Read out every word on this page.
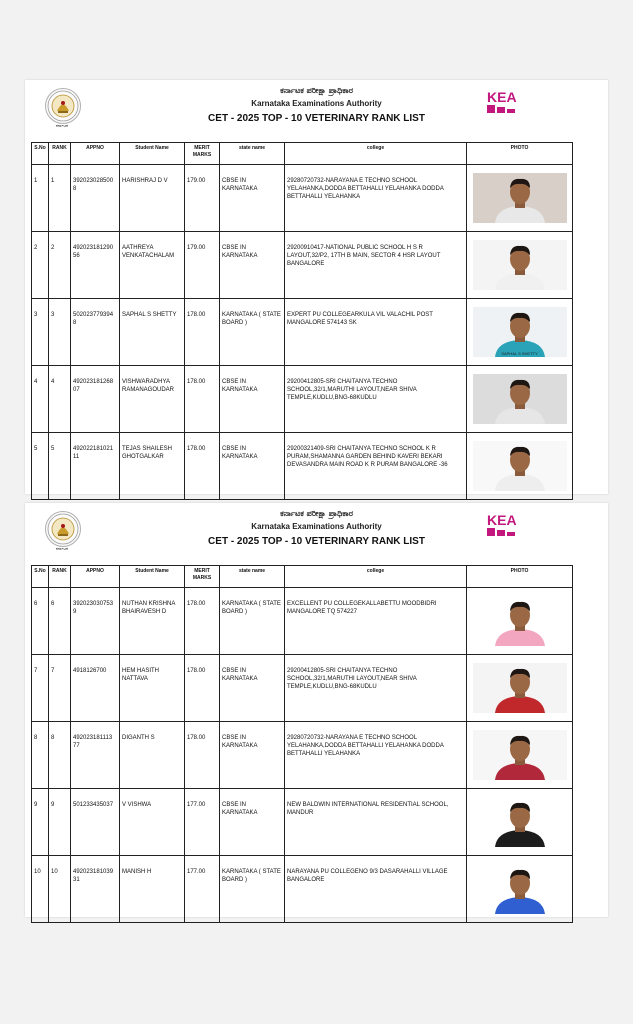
ಕರ್ನಾಟಕ
ಕರ್ನಾಟಕ ಪರೀಕ್ಷಾ ಪ್ರಾಧಿಕಾರ
Karnataka Examinations Authority
CET - 2025 TOP - 10 VETERINARY RANK LIST
KEA
S.No	RANK	APPNO	Student Name	MERIT MARKS	state name	college	PHOTO
1	1	392023028500 8	HARISHRAJ D V	179.00	CBSE IN KARNATAKA	29280720732-NARAYANA E TECHNO SCHOOL YELAHANKA,DODDA BETTAHALLI YELAHANKA DODDA BETTAHALLI YELAHANKA	

2	2	492023181290 56	AATHREYA VENKATACHALAM	179.00	CBSE IN KARNATAKA	29200910417-NATIONAL PUBLIC SCHOOL H S R LAYOUT,32/P2, 17TH B MAIN, SECTOR 4 HSR LAYOUT BANGALORE	

3	3	502023779394 8	SAPHAL S SHETTY	178.00	KARNATAKA ( STATE BOARD )	EXPERT PU COLLEGEARKULA VIL VALACHIL POST MANGALORE 574143 SK	SAPHAL S SHETTY

4	4	492023181268 07	VISHWARADHYA RAMANAGOUDAR	178.00	CBSE IN KARNATAKA	29200412805-SRI CHAITANYA TECHNO SCHOOL,32/1,MARUTHI LAYOUT,NEAR SHIVA TEMPLE,KUDLU,BNG-68KUDLU	

5	5	492022181021 11	TEJAS SHAILESH GHOTGALKAR	178.00	CBSE IN KARNATAKA	29200321409-SRI CHAITANYA TECHNO SCHOOL K R PURAM,SHAMANNA GARDEN BEHIND KAVERI BEKARI DEVASANDRA MAIN ROAD K R PURAM BANGALORE -36	
ಕರ್ನಾಟಕ
ಕರ್ನಾಟಕ ಪರೀಕ್ಷಾ ಪ್ರಾಧಿಕಾರ
Karnataka Examinations Authority
CET - 2025 TOP - 10 VETERINARY RANK LIST
KEA
S.No	RANK	APPNO	Student Name	MERIT MARKS	state name	college	PHOTO
6	6	392023030753 9	NUTHAN KRISHNA BHAIRAVESH D	178.00	KARNATAKA ( STATE BOARD )	EXCELLENT PU COLLEGEKALLABETTU MOODBIDRI MANGALORE TQ 574227	

7	7	4918126700	HEM HASITH NATTAVA	178.00	CBSE IN KARNATAKA	29200412805-SRI CHAITANYA TECHNO SCHOOL,32/1,MARUTHI LAYOUT,NEAR SHIVA TEMPLE,KUDLU,BNG-68KUDLU	

8	8	492023181113 77	DIGANTH S	178.00	CBSE IN KARNATAKA	29280720732-NARAYANA E TECHNO SCHOOL YELAHANKA,DODDA BETTAHALLI YELAHANKA DODDA BETTAHALLI YELAHANKA	

9	9	501233435037	V VISHWA	177.00	CBSE IN KARNATAKA	NEW BALDWIN INTERNATIONAL RESIDENTIAL SCHOOL, MANDUR	

10	10	492023181039 31	MANISH H	177.00	KARNATAKA ( STATE BOARD )	NARAYANA PU COLLEGENO 9/3 DASARAHALLI VILLAGE BANGALORE	
